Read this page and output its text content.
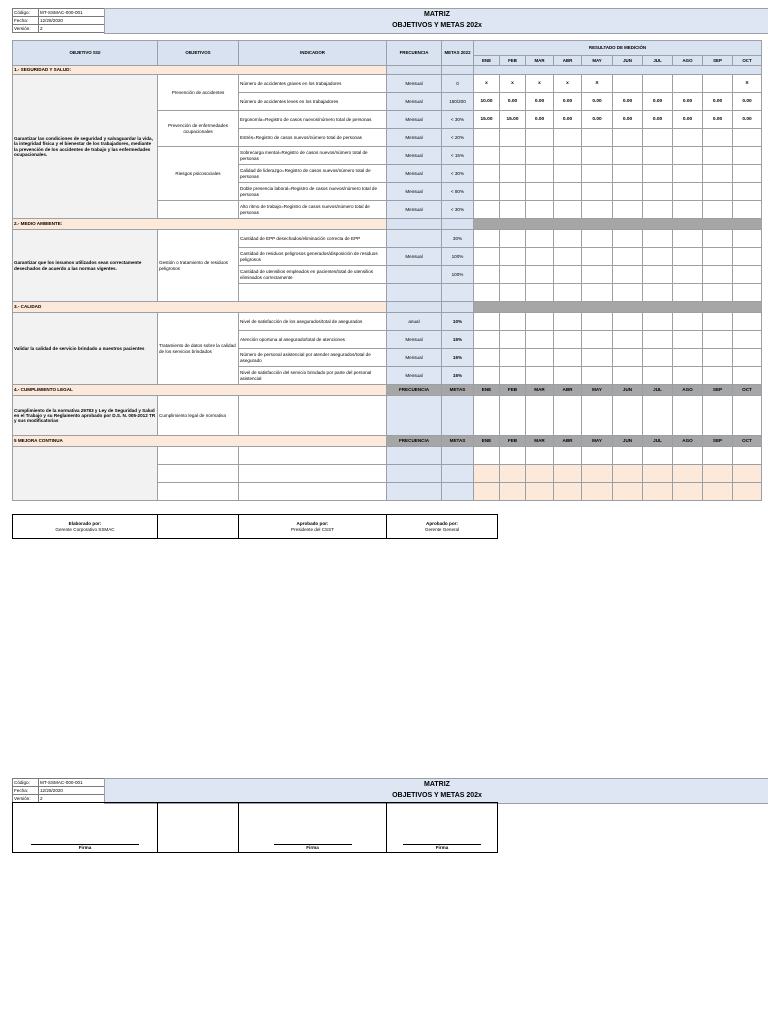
Código:	MT-SSMAC-000-001
Fecha:	12/28/2020
Versión:	2
MATRIZ
OBJETIVOS Y METAS 202x
OBJETIVO SGI	OBJETIVOS	INDICADOR	FRECUENCIA	METAS 2022	RESULTADO DE MEDICIÓN									
					ENE	FEB	MAR	ABR	MAY	JUN	JUL	AGO	SEP	OCT
1.- SEGURIDAD Y SALUD:														
Garantizar las condiciones de seguridad y salvaguardar la vida, la integridad física y el bienestar de los trabajadores, mediante la prevención de los accidentes de trabajo y las enfermedades ocupacionales.	Prevención de accidentes	Número de accidentes graves en los trabajadores	Mensual	0	x	x	x	x	X					X
		Número de accidentes leves en los trabajadores	Mensual	150/200	10.00	0.00	0.00	0.00	0.00	0.00	0.00	0.00	0.00	0.00
	Prevención de enfermedades ocupacionales	Ergonomía=Registro de casos nuevos/número total de personas	Mensual	< 30%	15.00	15.00	0.00	0.00	0.00	0.00	0.00	0.00	0.00	0.00
		Estrés=Registro de casos nuevos/número total de personas	Mensual	< 20%										
	Riesgos psicosociales	Sobrecarga mental=Registro de casos nuevos/número total de personas	Mensual	< 15%										
		Calidad de liderazgo=Registro de casos nuevos/número total de personas	Mensual	< 30%										
		Doble presencia laboral=Registro de casos nuevos/número total de personas	Mensual	< 80%										
		Alto ritmo de trabajo=Registro de casos nuevos/número total de personas	Mensual	< 30%										
2.- MEDIO AMBIENTE:														
Garantizar que los insumos utilizados sean correctamente desechados de acuerdo a las normas vigentes.	Gestión o tratamiento de residuos peligrosos	Cantidad de EPP desechados/eliminación correcta de EPP		30%										
		Cantidad de residuos peligrosos generados/disposición de residuos peligrosos	Mensual	100%										
		Cantidad de utensilios empleados en pacientes/total de utensilios eliminados correctamente		100%										

3.- CALIDAD														
Validar la calidad de servicio brindado a nuestros pacientes	Tratamiento de datos sobre la calidad de los servicios brindados	Nivel de satisfacción de los asegurados/total de asegurados	anual	10%										
		Atención oportuna al asegurado/total de atenciones	Mensual	15%										
		Número de personal asistencial por atender asegurados/total de asegurado	Mensual	15%										
		Nivel de satisfacción del servicio brindado por parte del personal asistencial	Mensual	15%										
4.- CUMPLIMIENTO LEGAL			FRECUENCIA	METAS	ENE	FEB	MAR	ABR	MAY	JUN	JUL	AGO	SEP	OCT
Cumplimiento de la normativa 29783 y Ley de Seguridad y Salud en el Trabajo y su Reglamento aprobado por D.S. N. 005-2012 TR y sus modificatorias	Cumplimiento legal de normativa													
5 MEJORA CONTINUA			FRECUENCIA	METAS	ENE	FEB	MAR	ABR	MAY	JUN	JUL	AGO	SEP	OCT

Elaborado por:
Gerente Corporativo SSMAC

Aprobado por:
Presidente del CSST

Aprobado por:
Gerente General
Código:	MT-SSMAC-000-001
Fecha:	12/28/2020
Versión:	2
MATRIZ
OBJETIVOS Y METAS 202x
Firma		Firma	Firma
